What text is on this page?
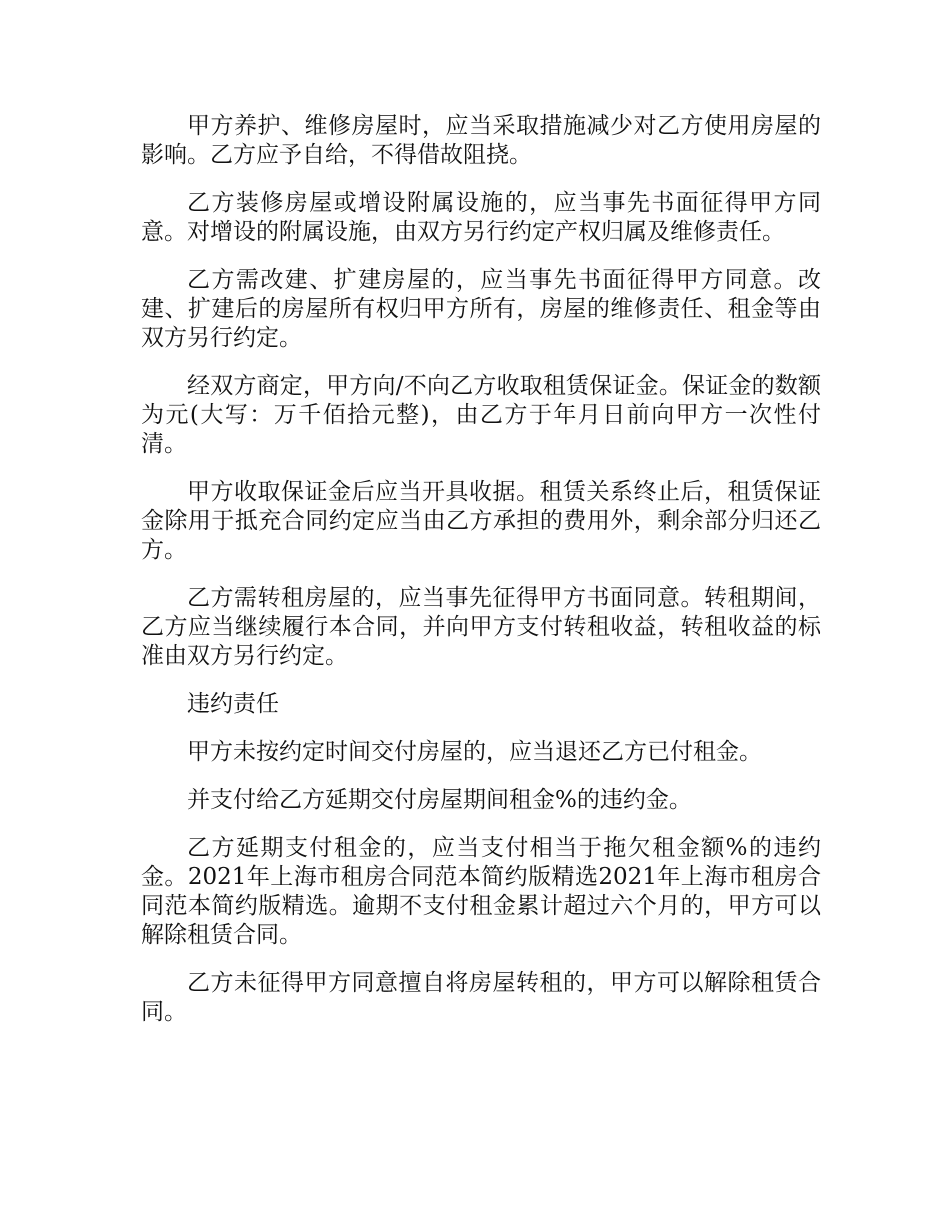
甲方养护、维修房屋时，应当采取措施减少对乙方使用房屋的影响。乙方应予自给，不得借故阻挠。

乙方装修房屋或增设附属设施的，应当事先书面征得甲方同意。对增设的附属设施，由双方另行约定产权归属及维修责任。

乙方需改建、扩建房屋的，应当事先书面征得甲方同意。改建、扩建后的房屋所有权归甲方所有，房屋的维修责任、租金等由双方另行约定。

经双方商定，甲方向/不向乙方收取租赁保证金。保证金的数额为元(大写：万千佰拾元整)，由乙方于年月日前向甲方一次性付清。

甲方收取保证金后应当开具收据。租赁关系终止后，租赁保证金除用于抵充合同约定应当由乙方承担的费用外，剩余部分归还乙方。

乙方需转租房屋的，应当事先征得甲方书面同意。转租期间，乙方应当继续履行本合同，并向甲方支付转租收益，转租收益的标准由双方另行约定。

违约责任

甲方未按约定时间交付房屋的，应当退还乙方已付租金。

并支付给乙方延期交付房屋期间租金%的违约金。

乙方延期支付租金的，应当支付相当于拖欠租金额%的违约金。2021年上海市租房合同范本简约版精选2021年上海市租房合同范本简约版精选。逾期不支付租金累计超过六个月的，甲方可以解除租赁合同。

乙方未征得甲方同意擅自将房屋转租的，甲方可以解除租赁合同。
